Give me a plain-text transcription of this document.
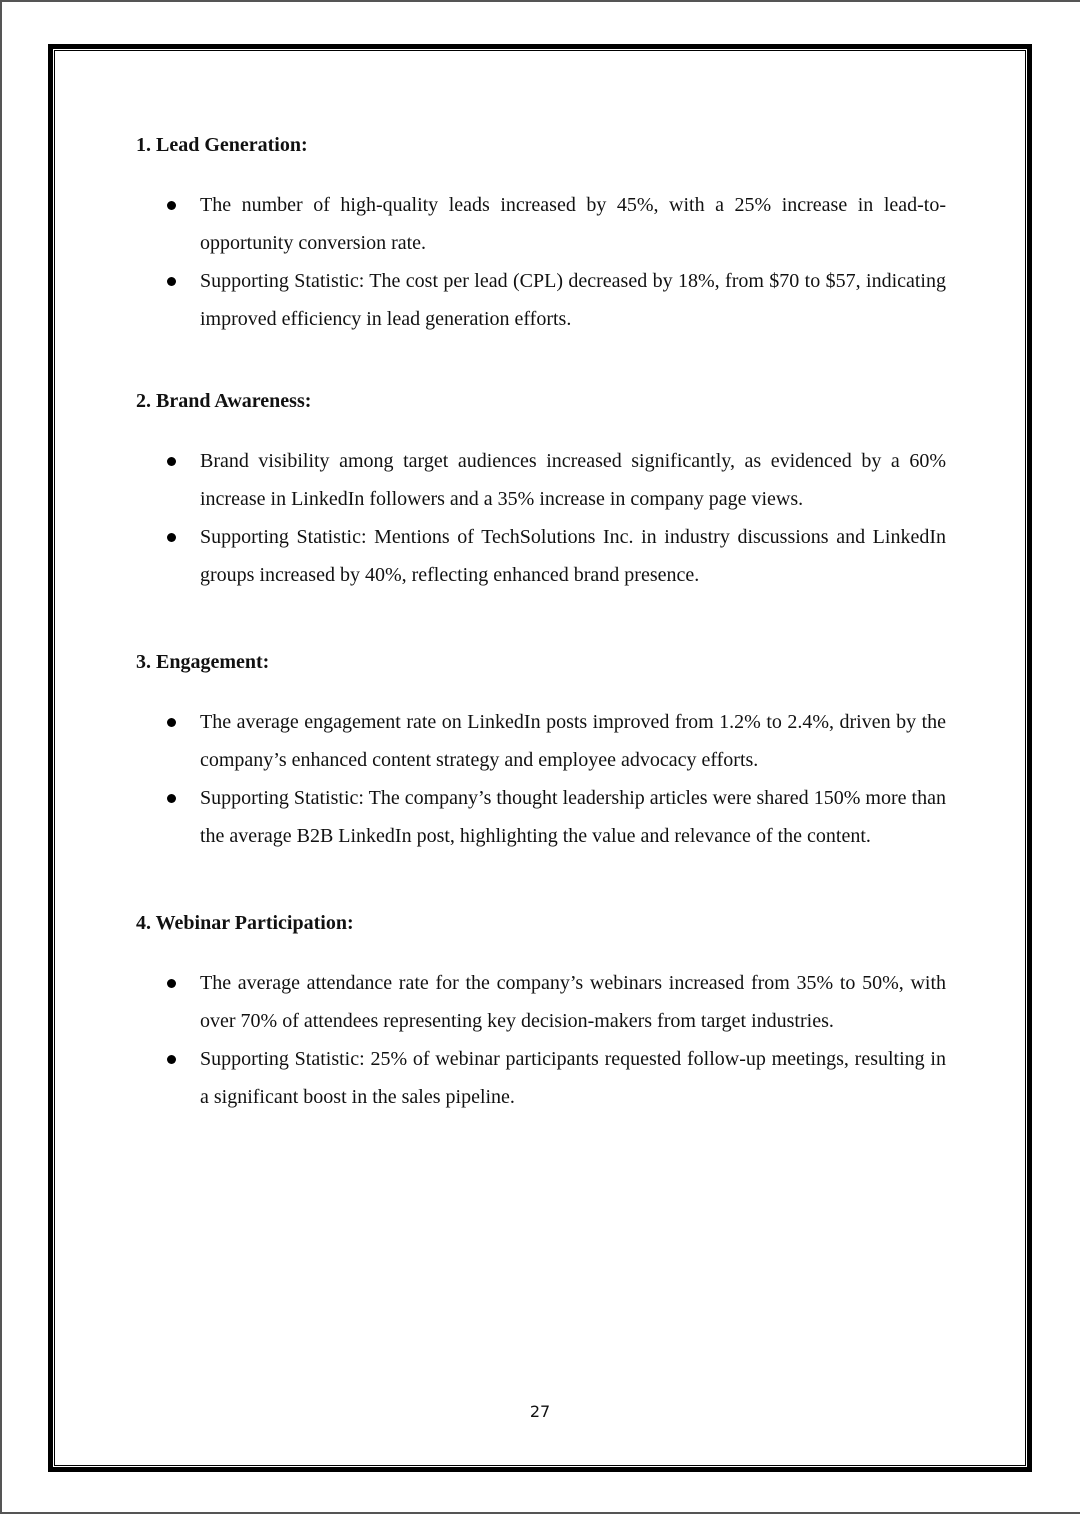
1. Lead Generation:
The number of high-quality leads increased by 45%, with a 25% increase in lead-to-opportunity conversion rate.
Supporting Statistic: The cost per lead (CPL) decreased by 18%, from $70 to $57, indicating improved efficiency in lead generation efforts.
2. Brand Awareness:
Brand visibility among target audiences increased significantly, as evidenced by a 60% increase in LinkedIn followers and a 35% increase in company page views.
Supporting Statistic: Mentions of TechSolutions Inc. in industry discussions and LinkedIn groups increased by 40%, reflecting enhanced brand presence.
3. Engagement:
The average engagement rate on LinkedIn posts improved from 1.2% to 2.4%, driven by the company’s enhanced content strategy and employee advocacy efforts.
Supporting Statistic: The company’s thought leadership articles were shared 150% more than the average B2B LinkedIn post, highlighting the value and relevance of the content.
4. Webinar Participation:
The average attendance rate for the company’s webinars increased from 35% to 50%, with over 70% of attendees representing key decision-makers from target industries.
Supporting Statistic: 25% of webinar participants requested follow-up meetings, resulting in a significant boost in the sales pipeline.
27
